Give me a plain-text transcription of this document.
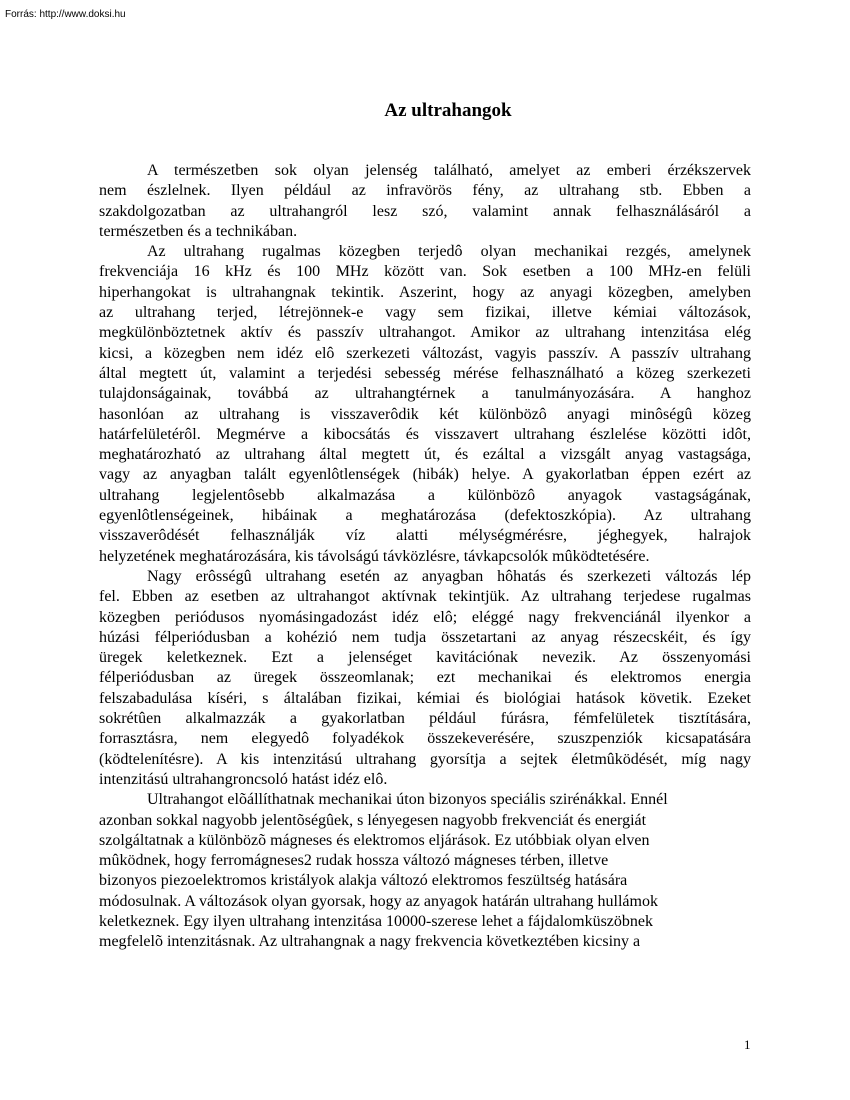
Forrás: http://www.doksi.hu
Az ultrahangok

A természetben sok olyan jelenség található, amelyet az emberi érzékszervek
nem észlelnek. Ilyen például az infravörös fény, az ultrahang stb. Ebben a
szakdolgozatban az ultrahangról lesz szó, valamint annak felhasználásáról a
természetben és a technikában.

Az ultrahang rugalmas közegben terjedô olyan mechanikai rezgés, amelynek
frekvenciája 16 kHz és 100 MHz között van. Sok esetben a 100 MHz-en felüli
hiperhangokat is ultrahangnak tekintik. Aszerint, hogy az anyagi közegben, amelyben
az ultrahang terjed, létrejönnek-e vagy sem fizikai, illetve kémiai változások,
megkülönböztetnek aktív és passzív ultrahangot. Amikor az ultrahang intenzitása elég
kicsi, a közegben nem idéz elô szerkezeti változást, vagyis passzív. A passzív ultrahang
által megtett út, valamint a terjedési sebesség mérése felhasználható a közeg szerkezeti
tulajdonságainak, továbbá az ultrahangtérnek a tanulmányozására. A hanghoz
hasonlóan az ultrahang is visszaverôdik két különbözô anyagi minôségû közeg
határfelületérôl. Megmérve a kibocsátás és visszavert ultrahang észlelése közötti idôt,
meghatározható az ultrahang által megtett út, és ezáltal a vizsgált anyag vastagsága,
vagy az anyagban talált egyenlôtlenségek (hibák) helye. A gyakorlatban éppen ezért az
ultrahang legjelentôsebb alkalmazása a különbözô anyagok vastagságának,
egyenlôtlenségeinek, hibáinak a meghatározása (defektoszkópia). Az ultrahang
visszaverôdését felhasználják víz alatti mélységmérésre, jéghegyek, halrajok
helyzetének meghatározására, kis távolságú távközlésre, távkapcsolók mûködtetésére.

Nagy erôsségû ultrahang esetén az anyagban hôhatás és szerkezeti változás lép
fel. Ebben az esetben az ultrahangot aktívnak tekintjük. Az ultrahang terjedese rugalmas
közegben periódusos nyomásingadozást idéz elô; eléggé nagy frekvenciánál ilyenkor a
húzási félperiódusban a kohézió nem tudja összetartani az anyag részecskéit, és így
üregek keletkeznek. Ezt a jelenséget kavitációnak nevezik. Az összenyomási
félperiódusban az üregek összeomlanak; ezt mechanikai és elektromos energia
felszabadulása kíséri, s általában fizikai, kémiai és biológiai hatások követik. Ezeket
sokrétûen alkalmazzák a gyakorlatban például fúrásra, fémfelületek tisztítására,
forrasztásra, nem elegyedô folyadékok összekeverésére, szuszpenziók kicsapatására
(ködtelenítésre). A kis intenzitású ultrahang gyorsítja a sejtek életmûködését, míg nagy
intenzitású ultrahangroncsoló hatást idéz elô.

Ultrahangot elõállíthatnak mechanikai úton bizonyos speciális szirénákkal. Ennél
azonban sokkal nagyobb jelentõségûek, s lényegesen nagyobb frekvenciát és energiát
szolgáltatnak a különbözõ mágneses és elektromos eljárások. Ez utóbbiak olyan elven
mûködnek, hogy ferromágneses2 rudak hossza változó mágneses térben, illetve
bizonyos piezoelektromos kristályok alakja változó elektromos feszültség hatására
módosulnak. A változások olyan gyorsak, hogy az anyagok határán ultrahang hullámok
keletkeznek. Egy ilyen ultrahang intenzitása 10000-szerese lehet a fájdalomküszöbnek
megfelelõ intenzitásnak. Az ultrahangnak a nagy frekvencia következtében kicsiny a

1
